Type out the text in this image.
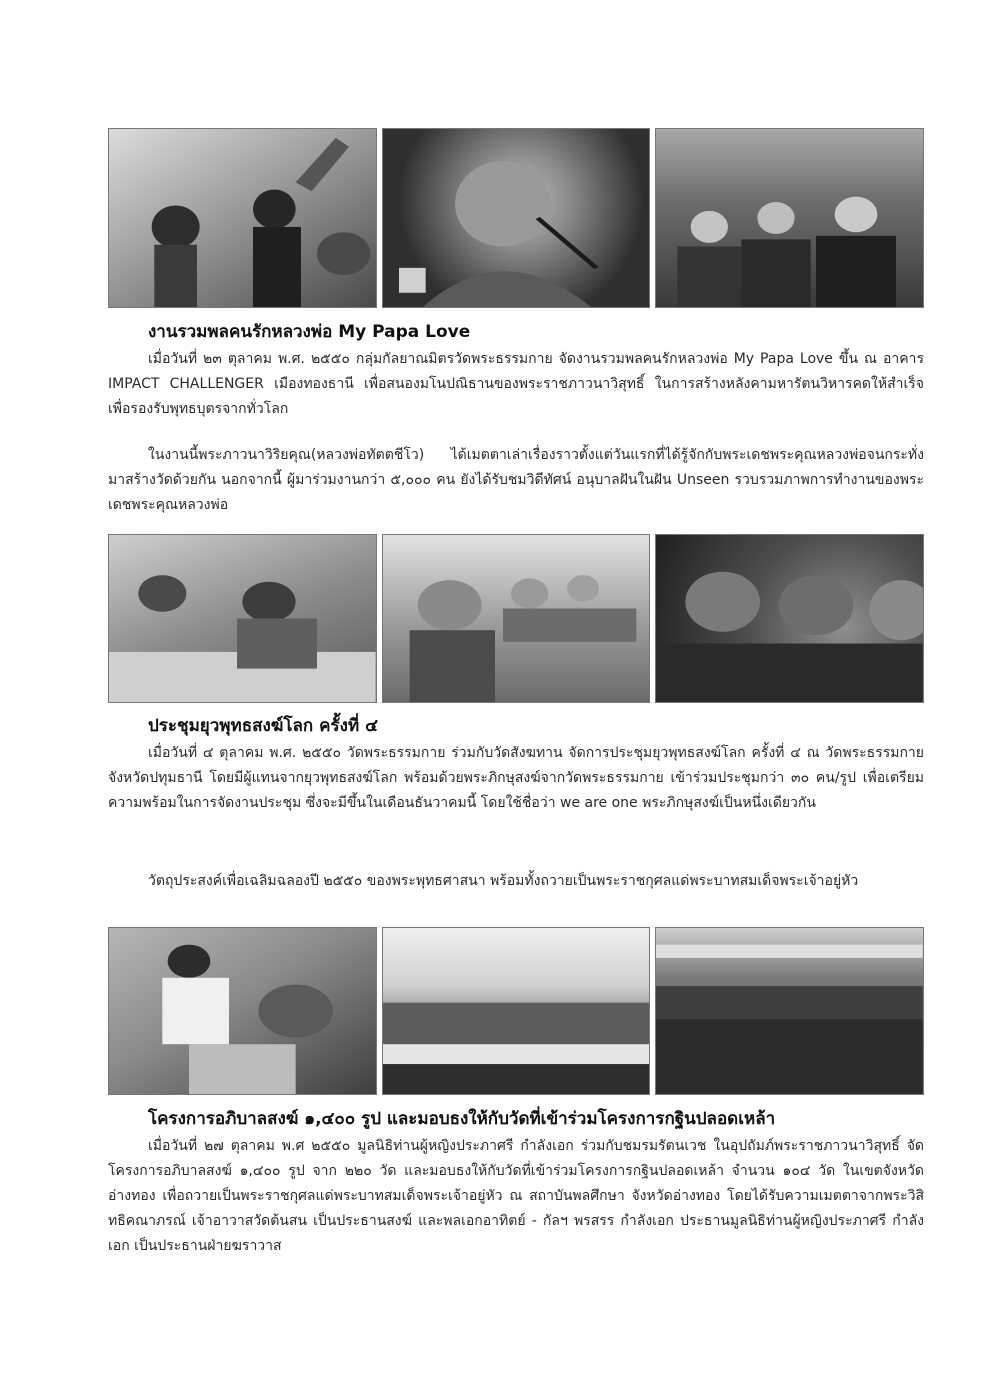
งานรวมพลคนรักหลวงพ่อ My Papa Love

เมื่อวันที่ ๒๓ ตุลาคม พ.ศ. ๒๕๕๐ กลุ่มกัลยาณมิตรวัดพระธรรมกาย จัดงานรวมพลคนรักหลวงพ่อ My Papa Love ขึ้น ณ อาคาร IMPACT CHALLENGER เมืองทองธานี เพื่อสนองมโนปณิธานของพระราชภาวนาวิสุทธิ์ ในการสร้างหลังคามหารัตนวิหารคดให้สำเร็จ เพื่อรองรับพุทธบุตรจากทั่วโลก

ในงานนี้พระภาวนาวิริยคุณ(หลวงพ่อทัตตชีโว) ได้เมตตาเล่าเรื่องราวตั้งแต่วันแรกที่ได้รู้จักกับพระเดชพระคุณหลวงพ่อจนกระทั่งมาสร้างวัดด้วยกัน นอกจากนี้ ผู้มาร่วมงานกว่า ๕,๐๐๐ คน ยังได้รับชมวิดีทัศน์ อนุบาลฝันในฝัน Unseen รวบรวมภาพการทำงานของพระเดชพระคุณหลวงพ่อ

ประชุมยุวพุทธสงฆ์โลก ครั้งที่ ๔

เมื่อวันที่ ๔ ตุลาคม พ.ศ. ๒๕๕๐ วัดพระธรรมกาย ร่วมกับวัดสังฆทาน จัดการประชุมยุวพุทธสงฆ์โลก ครั้งที่ ๔ ณ วัดพระธรรมกาย จังหวัดปทุมธานี โดยมีผู้แทนจากยุวพุทธสงฆ์โลก พร้อมด้วยพระภิกษุสงฆ์จากวัดพระธรรมกาย เข้าร่วมประชุมกว่า ๓๐ คน/รูป เพื่อเตรียมความพร้อมในการจัดงานประชุม ซึ่งจะมีขึ้นในเดือนธันวาคมนี้ โดยใช้ชื่อว่า we are one พระภิกษุสงฆ์เป็นหนึ่งเดียวกัน

วัตถุประสงค์เพื่อเฉลิมฉลองปี ๒๕๕๐ ของพระพุทธศาสนา พร้อมทั้งถวายเป็นพระราชกุศลแด่พระบาทสมเด็จพระเจ้าอยู่หัว

โครงการอภิบาลสงฆ์ ๑,๔๐๐ รูป และมอบธงให้กับวัดที่เข้าร่วมโครงการกฐินปลอดเหล้า

เมื่อวันที่ ๒๗ ตุลาคม พ.ศ ๒๕๕๐ มูลนิธิท่านผู้หญิงประภาศรี กำลังเอก ร่วมกับชมรมรัตนเวช ในอุปถัมภ์พระราชภาวนาวิสุทธิ์ จัดโครงการอภิบาลสงฆ์ ๑,๔๐๐ รูป จาก ๒๒๐ วัด และมอบธงให้กับวัดที่เข้าร่วมโครงการกฐินปลอดเหล้า จำนวน ๑๐๔ วัด ในเขตจังหวัดอ่างทอง เพื่อถวายเป็นพระราชกุศลแด่พระบาทสมเด็จพระเจ้าอยู่หัว ณ สถาบันพลศึกษา จังหวัดอ่างทอง โดยได้รับความเมตตาจากพระวิสิทธิคณาภรณ์ เจ้าอาวาสวัดต้นสน เป็นประธานสงฆ์ และพลเอกอาทิตย์ - กัลฯ พรสรร กำลังเอก ประธานมูลนิธิท่านผู้หญิงประภาศรี กำลังเอก เป็นประธานฝ่ายฆราวาส
